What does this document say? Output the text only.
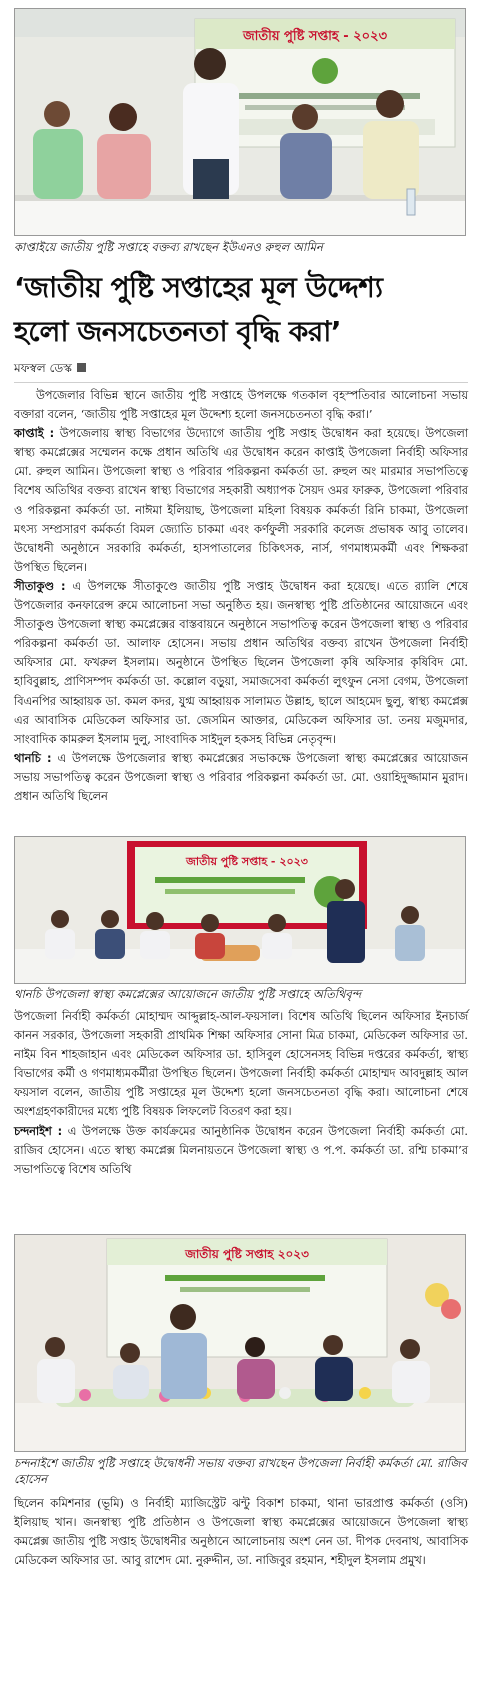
জাতীয় পুষ্টি সপ্তাহ - ২০২৩
কাপ্তাইয়ে জাতীয় পুষ্টি সপ্তাহে বক্তব্য রাখছেন ইউএনও রুহুল আমিন
‘জাতীয় পুষ্টি সপ্তাহের মূল উদ্দেশ্য
হলো জনসচেতনতা বৃদ্ধি করা’
মফস্বল ডেস্ক

উপজেলার বিভিন্ন স্থানে জাতীয় পুষ্টি সপ্তাহে উপলক্ষে গতকাল বৃহস্পতিবার আলোচনা সভায় বক্তারা বলেন, ‘জাতীয় পুষ্টি সপ্তাহের মূল উদ্দেশ্য হলো জনসচেতনতা বৃদ্ধি করা।’

কাপ্তাই : উপজেলায় স্বাস্থ্য বিভাগের উদ্যোগে জাতীয় পুষ্টি সপ্তাহ উদ্বোধন করা হয়েছে। উপজেলা স্বাস্থ্য কমপ্লেক্সের সম্মেলন কক্ষে প্রধান অতিথি এর উদ্বোধন করেন কাপ্তাই উপজেলা নির্বাহী অফিসার মো. রুহুল আমিন। উপজেলা স্বাস্থ্য ও পরিবার পরিকল্পনা কর্মকর্তা ডা. রুহুল অং মারমার সভাপতিত্বে বিশেষ অতিথির বক্তব্য রাখেন স্বাস্থ্য বিভাগের সহকারী অধ্যাপক সৈয়দ ওমর ফারুক, উপজেলা পরিবার ও পরিকল্পনা কর্মকর্তা ডা. নাঈমা ইলিয়াছ, উপজেলা মহিলা বিষয়ক কর্মকর্তা রিনি চাকমা, উপজেলা মৎস্য সম্প্রসারণ কর্মকর্তা বিমল জ্যোতি চাকমা এবং কর্ণফুলী সরকারি কলেজ প্রভাষক আবু তালেব। উদ্বোধনী অনুষ্ঠানে সরকারি কর্মকর্তা, হাসপাতালের চিকিৎসক, নার্স, গণমাধ্যমকর্মী এবং শিক্ষকরা উপস্থিত ছিলেন।

সীতাকুণ্ড : এ উপলক্ষে সীতাকুণ্ডে জাতীয় পুষ্টি সপ্তাহ উদ্বোধন করা হয়েছে। এতে র‌্যালি শেষে উপজেলার কনফারেন্স রুমে আলোচনা সভা অনুষ্ঠিত হয়। জনস্বাস্থ্য পুষ্টি প্রতিষ্ঠানের আয়োজনে এবং সীতাকুণ্ড উপজেলা স্বাস্থ্য কমপ্লেক্সের বাস্তবায়নে অনুষ্ঠানে সভাপতিত্ব করেন উপজেলা স্বাস্থ্য ও পরিবার পরিকল্পনা কর্মকর্তা ডা. আলাফ হোসেন। সভায় প্রধান অতিথির বক্তব্য রাখেন উপজেলা নির্বাহী অফিসার মো. ফখরুল ইসলাম। অনুষ্ঠানে উপস্থিত ছিলেন উপজেলা কৃষি অফিসার কৃষিবিদ মো. হাবিবুল্লাহ, প্রাণিসম্পদ কর্মকর্তা ডা. কল্লোল বড়ুয়া, সমাজসেবা কর্মকর্তা লুৎফুন নেসা বেগম, উপজেলা বিএনপির আহ্বায়ক ডা. কমল কদর, যুগ্ম আহ্বায়ক সালামত উল্লাহ, ছালে আহমেদ ছুলু, স্বাস্থ্য কমপ্লেক্স এর আবাসিক মেডিকেল অফিসার ডা. জেসমিন আক্তার, মেডিকেল অফিসার ডা. তনয় মজুমদার, সাংবাদিক কামরুল ইসলাম দুলু, সাংবাদিক সাইদুল হকসহ বিভিন্ন নেতৃবৃন্দ।

থানচি : এ উপলক্ষে উপজেলার স্বাস্থ্য কমপ্লেক্সের সভাকক্ষে উপজেলা স্বাস্থ্য কমপ্লেক্সের আয়োজন সভায় সভাপতিত্ব করেন উপজেলা স্বাস্থ্য ও পরিবার পরিকল্পনা কর্মকর্তা ডা. মো. ওয়াহিদুজ্জামান মুরাদ। প্রধান অতিথি ছিলেন

জাতীয় পুষ্টি সপ্তাহ - ২০২৩
থানচি উপজেলা স্বাস্থ্য কমপ্লেক্সের আয়োজনে জাতীয় পুষ্টি সপ্তাহে অতিথিবৃন্দ

উপজেলা নির্বাহী কর্মকর্তা মোহাম্মদ আব্দুল্লাহ-আল-ফয়সাল। বিশেষ অতিথি ছিলেন অফিসার ইনচার্জ কানন সরকার, উপজেলা সহকারী প্রাথমিক শিক্ষা অফিসার সোনা মিত্র চাকমা, মেডিকেল অফিসার ডা. নাইম বিন শাহজাহান এবং মেডিকেল অফিসার ডা. হাসিবুল হোসেনসহ বিভিন্ন দপ্তরের কর্মকর্তা, স্বাস্থ্য বিভাগের কর্মী ও গণমাধ্যমকর্মীরা উপস্থিত ছিলেন। উপজেলা নির্বাহী কর্মকর্তা মোহাম্মদ আবদুল্লাহ আল ফয়সাল বলেন, জাতীয় পুষ্টি সপ্তাহের মূল উদ্দেশ্য হলো জনসচেতনতা বৃদ্ধি করা। আলোচনা শেষে অংশগ্রহণকারীদের মধ্যে পুষ্টি বিষয়ক লিফলেট বিতরণ করা হয়।

চন্দনাইশ : এ উপলক্ষে উক্ত কার্যক্রমের আনুষ্ঠানিক উদ্বোধন করেন উপজেলা নির্বাহী কর্মকর্তা মো. রাজিব হোসেন। এতে স্বাস্থ্য কমপ্লেক্স মিলনায়তনে উপজেলা স্বাস্থ্য ও প.প. কর্মকর্তা ডা. রশ্মি চাকমা’র সভাপতিত্বে বিশেষ অতিথি

জাতীয় পুষ্টি সপ্তাহ ২০২৩
চন্দনাইশে জাতীয় পুষ্টি সপ্তাহে উদ্বোধনী সভায় বক্তব্য রাখছেন উপজেলা নির্বাহী কর্মকর্তা মো. রাজিব হোসেন

ছিলেন কমিশনার (ভূমি) ও নির্বাহী ম্যাজিস্ট্রেট ঝন্টু বিকাশ চাকমা, থানা ভারপ্রাপ্ত কর্মকর্তা (ওসি) ইলিয়াছ খান। জনস্বাস্থ্য পুষ্টি প্রতিষ্ঠান ও উপজেলা স্বাস্থ্য কমপ্লেক্সের আয়োজনে উপজেলা স্বাস্থ্য কমপ্লেক্স জাতীয় পুষ্টি সপ্তাহ উদ্বোধনীর অনুষ্ঠানে আলোচনায় অংশ নেন ডা. দীপক দেবনাথ, আবাসিক মেডিকেল অফিসার ডা. আবু রাশেদ মো. নুরুদ্দীন, ডা. নাজিবুর রহমান, শহীদুল ইসলাম প্রমুখ।
